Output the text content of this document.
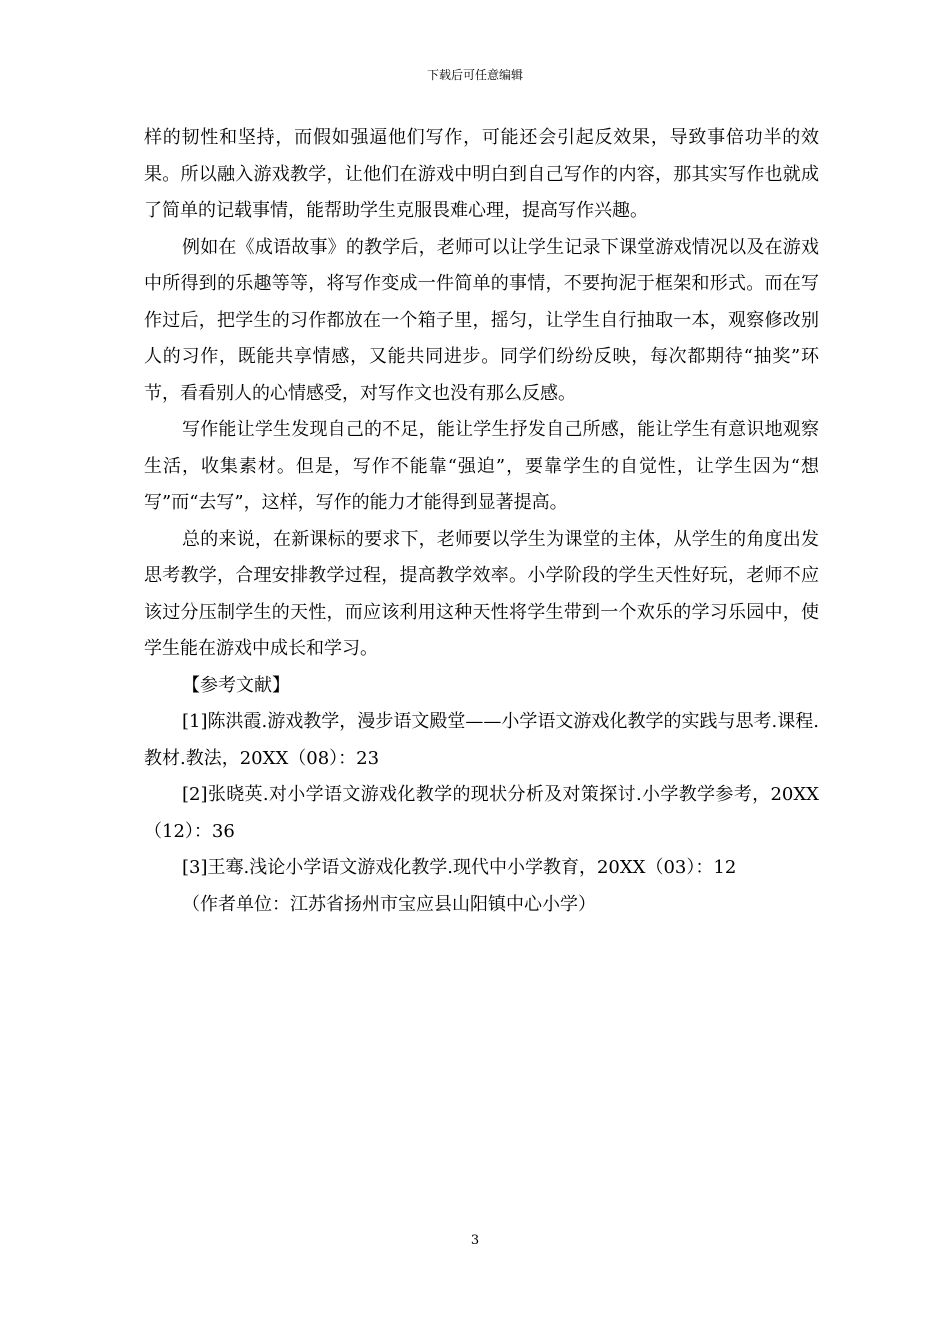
下载后可任意编辑

样的韧性和坚持，而假如强逼他们写作，可能还会引起反效果，导致事倍功半的效果。所以融入游戏教学，让他们在游戏中明白到自己写作的内容，那其实写作也就成了简单的记载事情，能帮助学生克服畏难心理，提高写作兴趣。

例如在《成语故事》的教学后，老师可以让学生记录下课堂游戏情况以及在游戏中所得到的乐趣等等，将写作变成一件简单的事情，不要拘泥于框架和形式。而在写作过后，把学生的习作都放在一个箱子里，摇匀，让学生自行抽取一本，观察修改别人的习作，既能共享情感，又能共同进步。同学们纷纷反映，每次都期待“抽奖”环节，看看别人的心情感受，对写作文也没有那么反感。

写作能让学生发现自己的不足，能让学生抒发自己所感，能让学生有意识地观察生活，收集素材。但是，写作不能靠“强迫”，要靠学生的自觉性，让学生因为“想写”而“去写”，这样，写作的能力才能得到显著提高。

总的来说，在新课标的要求下，老师要以学生为课堂的主体，从学生的角度出发思考教学，合理安排教学过程，提高教学效率。小学阶段的学生天性好玩，老师不应该过分压制学生的天性，而应该利用这种天性将学生带到一个欢乐的学习乐园中，使学生能在游戏中成长和学习。

【参考文献】

[1]陈洪霞.游戏教学，漫步语文殿堂——小学语文游戏化教学的实践与思考.课程.教材.教法，20XX（08）：23

[2]张晓英.对小学语文游戏化教学的现状分析及对策探讨.小学教学参考，20XX（12）：36

[3]王骞.浅论小学语文游戏化教学.现代中小学教育，20XX（03）：12

（作者单位：江苏省扬州市宝应县山阳镇中心小学）

3
